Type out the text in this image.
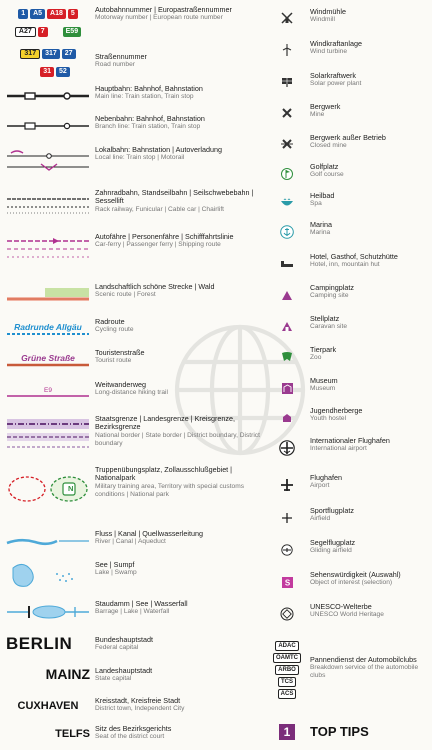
1 A5 A18 5
A27 7	E59
Autobahnnummer | Europastraßennummer
Motorway number | European route number
317 317 27
31 52
Straßennummer
Road number
Hauptbahn: Bahnhof, Bahnstation
Main line: Train station, Train stop
Nebenbahn: Bahnhof, Bahnstation
Branch line: Train station, Train stop
Lokalbahn: Bahnstation | Autoverladung
Local line: Train stop | Motorail
Zahnradbahn, Standseilbahn | Seilschwebebahn | Sessellift
Rack railway, Funicular | Cable car | Chairlift
Autofähre | Personenfähre | Schifffahrtslinie
Car-ferry | Passenger ferry | Shipping route
Landschaftlich schöne Strecke | Wald
Scenic route | Forest
Radrunde Allgäu
Radroute
Cycling route
Grüne Straße
Touristenstraße
Tourist route
E9
Weitwanderweg
Long-distance hiking trail
Staatsgrenze | Landesgrenze | Kreisgrenze, Bezirksgrenze
National border | State border | District boundary, District boundary
N
Truppenübungsplatz, Zollausschlußgebiet | Nationalpark
Military training area, Territory with special customs conditions | National park
Fluss | Kanal | Quellwasserleitung
River | Canal | Aqueduct
See | Sumpf
Lake | Swamp
Staudamm | See | Wasserfall
Barrage | Lake | Waterfall
BERLIN	Bundeshauptstadt
Federal capital
MAINZ Landeshauptstadt
State capital
CUXHAVEN Kreisstadt, Kreisfreie Stadt
District town, Independent City
TELFS Sitz des Bezirksgerichts
Seat of the district court
Windmühle
Windmill
Windkraftanlage
Wind turbine
Solarkraftwerk
Solar power plant
Bergwerk
Mine
Bergwerk außer Betrieb
Closed mine
Golfplatz
Golf course
Heilbad
Spa
Marina
Marina
Hotel, Gasthof, Schutzhütte
Hotel, inn, mountain hut
Campingplatz
Camping site
Stellplatz
Caravan site
Tierpark
Zoo
Museum
Museum
Jugendherberge
Youth hostel
Internationaler Flughafen
International airport
Flughafen
Airport
Sportflugplatz
Airfield
Segelflugplatz
Gliding airfield
S
Sehenswürdigkeit (Auswahl)
Object of interest (selection)
UNESCO-Welterbe
UNESCO World Heritage
ADAC
ÖAMTC
ARBÖ
TCS
ACS
Pannendienst der Automobilclubs
Breakdown service of the automobile clubs
1	TOP TIPS
